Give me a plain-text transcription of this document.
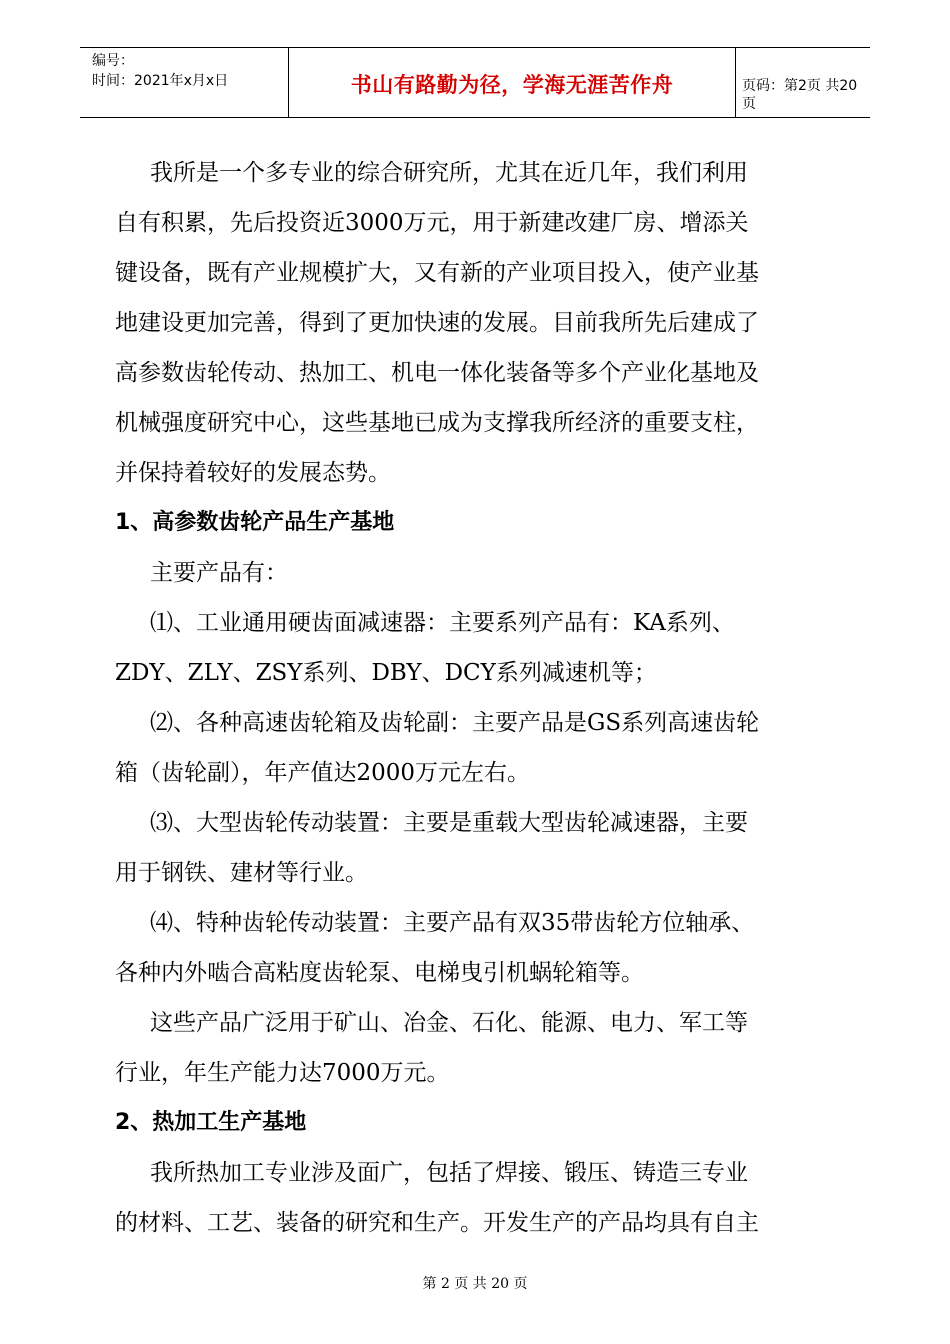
编号：
时间：2021年x月x日	书山有路勤为径，学海无涯苦作舟	页码：第2页 共20页
我所是一个多专业的综合研究所，尤其在近几年，我们利用
自有积累，先后投资近3000万元，用于新建改建厂房、增添关
键设备，既有产业规模扩大，又有新的产业项目投入，使产业基
地建设更加完善，得到了更加快速的发展。目前我所先后建成了
高参数齿轮传动、热加工、机电一体化装备等多个产业化基地及
机械强度研究中心，这些基地已成为支撑我所经济的重要支柱，
并保持着较好的发展态势。
1、高参数齿轮产品生产基地
主要产品有：
⑴、工业通用硬齿面减速器：主要系列产品有：KA系列、
ZDY、ZLY、ZSY系列、DBY、DCY系列减速机等；
⑵、各种高速齿轮箱及齿轮副：主要产品是GS系列高速齿轮
箱（齿轮副），年产值达2000万元左右。
⑶、大型齿轮传动装置：主要是重载大型齿轮减速器，主要
用于钢铁、建材等行业。
⑷、特种齿轮传动装置：主要产品有双35带齿轮方位轴承、
各种内外啮合高粘度齿轮泵、电梯曳引机蜗轮箱等。
这些产品广泛用于矿山、冶金、石化、能源、电力、军工等
行业，年生产能力达7000万元。
2、热加工生产基地
我所热加工专业涉及面广，包括了焊接、锻压、铸造三专业
的材料、工艺、装备的研究和生产。开发生产的产品均具有自主
第 2 页 共 20 页
